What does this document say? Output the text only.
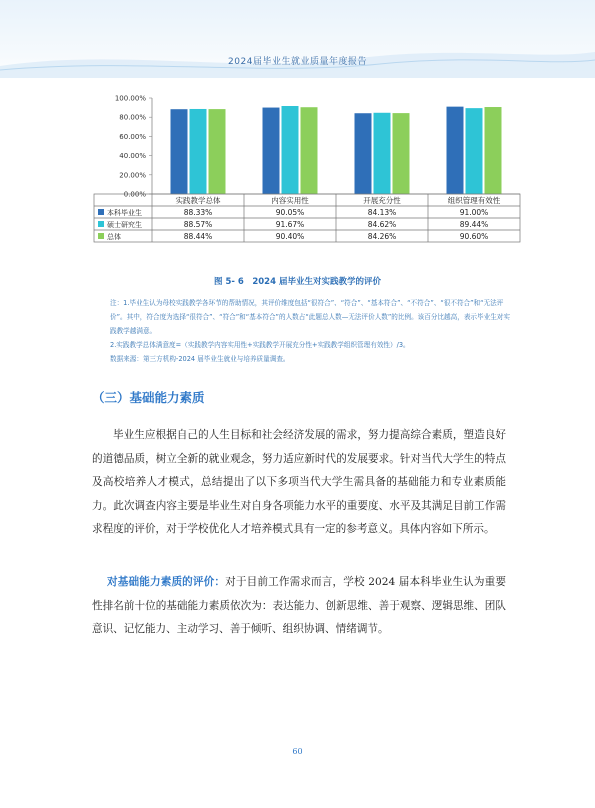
2024届毕业生就业质量年度报告
0.00%
20.00%
40.00%
60.00%
80.00%
100.00%
实践教学总体	内容实用性	开展充分性	组织管理有效性
本科毕业生	88.33%	90.05%	84.13%	91.00%
硕士研究生	88.57%	91.67%	84.62%	89.44%
总体	88.44%	90.40%	84.26%	90.60%
图 5- 6　2024 届毕业生对实践教学的评价

注：1.毕业生认为母校实践教学各环节的帮助情况，其评价维度包括“很符合”、“符合”、“基本符合”、“不符合”、“很不符合”和“无法评价”。其中，符合度为选择“很符合”、“符合”和“基本符合”的人数占“此题总人数—无法评价人数”的比例。该百分比越高，表示毕业生对实践教学越满意。

2.实践教学总体满意度=（实践教学内容实用性+实践教学开展充分性+实践教学组织管理有效性）/3。

数据来源：第三方机构-2024 届毕业生就业与培养质量调查。

（三）基础能力素质
毕业生应根据自己的人生目标和社会经济发展的需求，努力提高综合素质，塑造良好的道德品质，树立全新的就业观念，努力适应新时代的发展要求。针对当代大学生的特点及高校培养人才模式，总结提出了以下多项当代大学生需具备的基础能力和专业素质能力。此次调查内容主要是毕业生对自身各项能力水平的重要度、水平及其满足目前工作需求程度的评价，对于学校优化人才培养模式具有一定的参考意义。具体内容如下所示。
对基础能力素质的评价：对于目前工作需求而言，学校 2024 届本科毕业生认为重要性排名前十位的基础能力素质依次为：表达能力、创新思维、善于观察、逻辑思维、团队意识、记忆能力、主动学习、善于倾听、组织协调、情绪调节。
60
